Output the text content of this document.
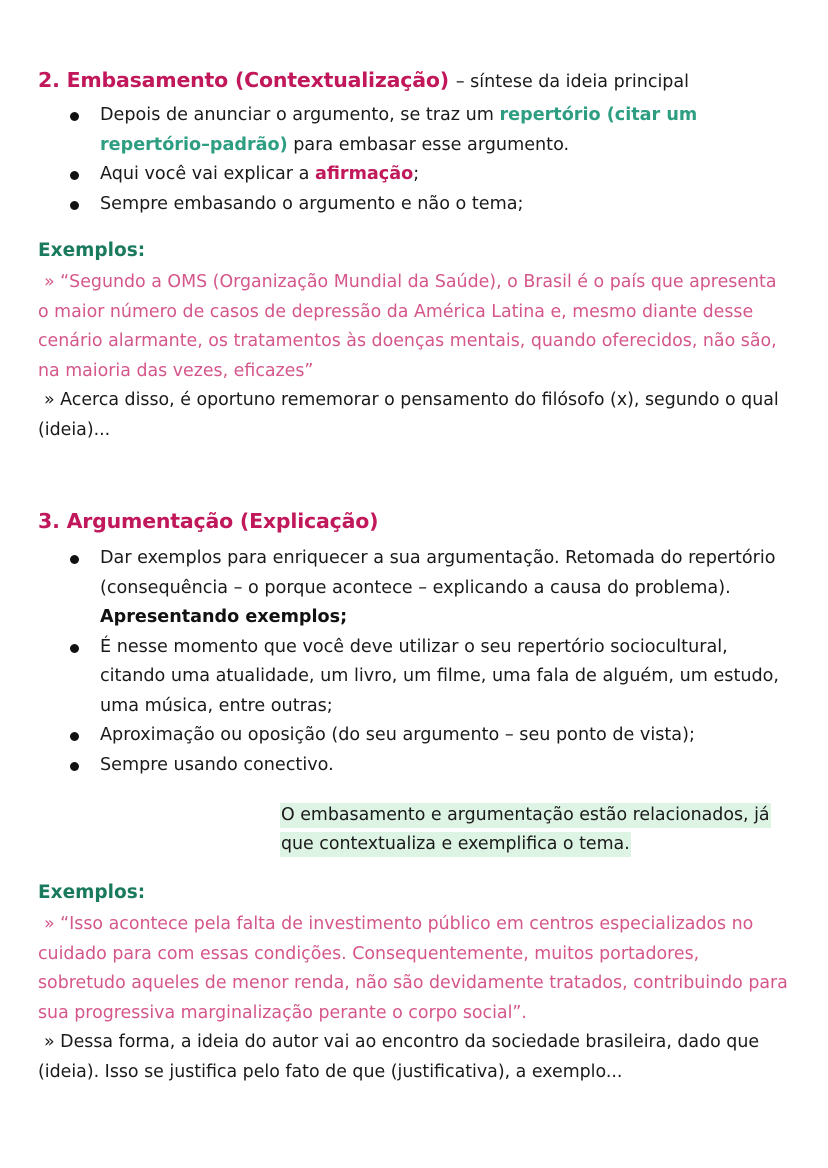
2. Embasamento (Contextualização) – síntese da ideia principal
Depois de anunciar o argumento, se traz um repertório (citar um repertório–padrão) para embasar esse argumento.
Aqui você vai explicar a afirmação;
Sempre embasando o argumento e não o tema;
Exemplos:

» “Segundo a OMS (Organização Mundial da Saúde), o Brasil é o país que apresenta o maior número de casos de depressão da América Latina e, mesmo diante desse cenário alarmante, os tratamentos às doenças mentais, quando oferecidos, não são, na maioria das vezes, eficazes”

» Acerca disso, é oportuno rememorar o pensamento do filósofo (x), segundo o qual (ideia)...

3. Argumentação (Explicação)
Dar exemplos para enriquecer a sua argumentação. Retomada do repertório (consequência – o porque acontece – explicando a causa do problema).
Apresentando exemplos;
É nesse momento que você deve utilizar o seu repertório sociocultural, citando uma atualidade, um livro, um filme, uma fala de alguém, um estudo, uma música, entre outras;
Aproximação ou oposição (do seu argumento – seu ponto de vista);
Sempre usando conectivo.
O embasamento e argumentação estão relacionados, já que contextualiza e exemplifica o tema.
Exemplos:

» “Isso acontece pela falta de investimento público em centros especializados no cuidado para com essas condições. Consequentemente, muitos portadores, sobretudo aqueles de menor renda, não são devidamente tratados, contribuindo para sua progressiva marginalização perante o corpo social”.

» Dessa forma, a ideia do autor vai ao encontro da sociedade brasileira, dado que (ideia). Isso se justifica pelo fato de que (justificativa), a exemplo...
